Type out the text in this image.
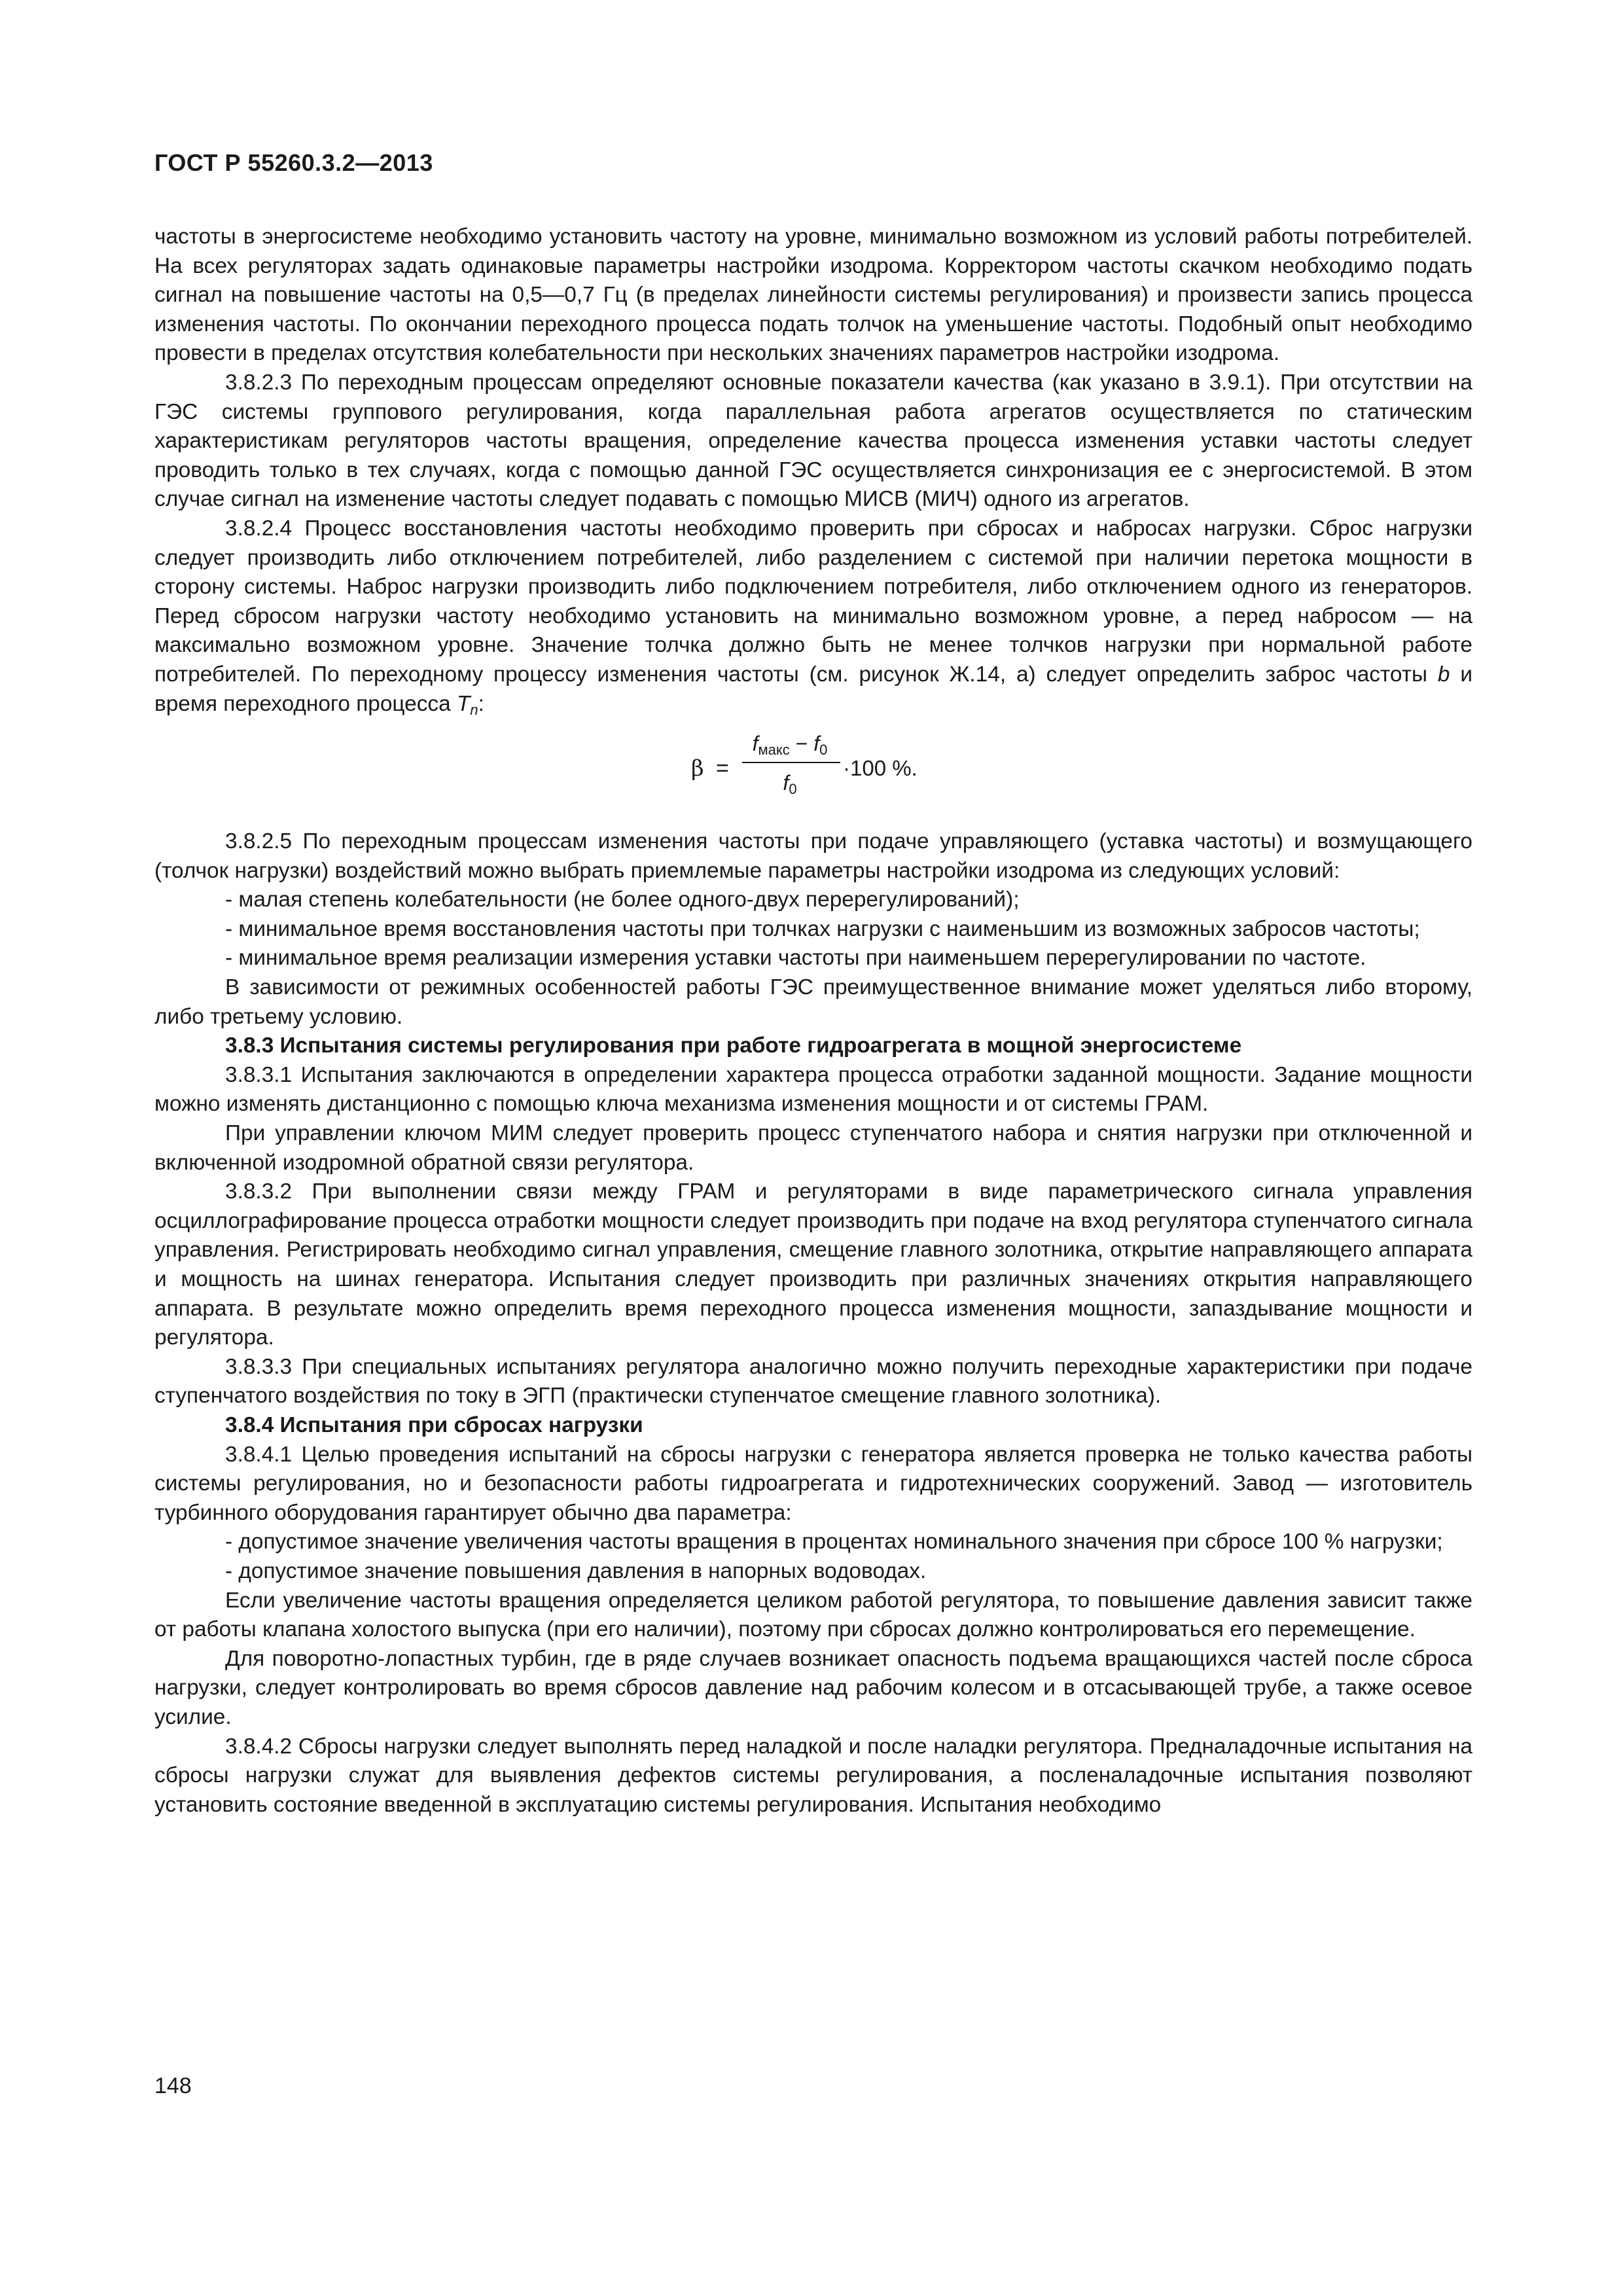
ГОСТ Р 55260.3.2—2013

частоты в энергосистеме необходимо установить частоту на уровне, минимально возможном из условий работы потребителей. На всех регуляторах задать одинаковые параметры настройки изодрома. Корректором частоты скачком необходимо подать сигнал на повышение частоты на 0,5—0,7 Гц (в пределах линейности системы регулирования) и произвести запись процесса изменения частоты. По окончании переходного процесса подать толчок на уменьшение частоты. Подобный опыт необходимо провести в пределах отсутствия колебательности при нескольких значениях параметров настройки изодрома.

3.8.2.3 По переходным процессам определяют основные показатели качества (как указано в 3.9.1). При отсутствии на ГЭС системы группового регулирования, когда параллельная работа агрегатов осуществляется по статическим характеристикам регуляторов частоты вращения, определение качества процесса изменения уставки частоты следует проводить только в тех случаях, когда с помощью данной ГЭС осуществляется синхронизация ее с энергосистемой. В этом случае сигнал на изменение частоты следует подавать с помощью МИСВ (МИЧ) одного из агрегатов.

3.8.2.4 Процесс восстановления частоты необходимо проверить при сбросах и набросах нагрузки. Сброс нагрузки следует производить либо отключением потребителей, либо разделением с системой при наличии перетока мощности в сторону системы. Наброс нагрузки производить либо подключением потребителя, либо отключением одного из генераторов. Перед сбросом нагрузки частоту необходимо установить на минимально возможном уровне, а перед набросом — на максимально возможном уровне. Значение толчка должно быть не менее толчков нагрузки при нормальной работе потребителей. По переходному процессу изменения частоты (см. рисунок Ж.14, а) следует определить заброс частоты b и время переходного процесса $T_n$:

β =
$f_{макс} - f_0$
$f_0$
·100 %.

3.8.2.5 По переходным процессам изменения частоты при подаче управляющего (уставка частоты) и возмущающего (толчок нагрузки) воздействий можно выбрать приемлемые параметры настройки изодрома из следующих условий:

- малая степень колебательности (не более одного-двух перерегулирований);

- минимальное время восстановления частоты при толчках нагрузки с наименьшим из возможных забросов частоты;

- минимальное время реализации измерения уставки частоты при наименьшем перерегулировании по частоте.

В зависимости от режимных особенностей работы ГЭС преимущественное внимание может уделяться либо второму, либо третьему условию.

3.8.3 Испытания системы регулирования при работе гидроагрегата в мощной энергосистеме

3.8.3.1 Испытания заключаются в определении характера процесса отработки заданной мощности. Задание мощности можно изменять дистанционно с помощью ключа механизма изменения мощности и от системы ГРАМ.

При управлении ключом МИМ следует проверить процесс ступенчатого набора и снятия нагрузки при отключенной и включенной изодромной обратной связи регулятора.

3.8.3.2 При выполнении связи между ГРАМ и регуляторами в виде параметрического сигнала управления осциллографирование процесса отработки мощности следует производить при подаче на вход регулятора ступенчатого сигнала управления. Регистрировать необходимо сигнал управления, смещение главного золотника, открытие направляющего аппарата и мощность на шинах генератора. Испытания следует производить при различных значениях открытия направляющего аппарата. В результате можно определить время переходного процесса изменения мощности, запаздывание мощности и регулятора.

3.8.3.3 При специальных испытаниях регулятора аналогично можно получить переходные характеристики при подаче ступенчатого воздействия по току в ЭГП (практически ступенчатое смещение главного золотника).

3.8.4 Испытания при сбросах нагрузки

3.8.4.1 Целью проведения испытаний на сбросы нагрузки с генератора является проверка не только качества работы системы регулирования, но и безопасности работы гидроагрегата и гидротехнических сооружений. Завод — изготовитель турбинного оборудования гарантирует обычно два параметра:

- допустимое значение увеличения частоты вращения в процентах номинального значения при сбросе 100 % нагрузки;

- допустимое значение повышения давления в напорных водоводах.

Если увеличение частоты вращения определяется целиком работой регулятора, то повышение давления зависит также от работы клапана холостого выпуска (при его наличии), поэтому при сбросах должно контролироваться его перемещение.

Для поворотно-лопастных турбин, где в ряде случаев возникает опасность подъема вращающихся частей после сброса нагрузки, следует контролировать во время сбросов давление над рабочим колесом и в отсасывающей трубе, а также осевое усилие.

3.8.4.2 Сбросы нагрузки следует выполнять перед наладкой и после наладки регулятора. Предналадочные испытания на сбросы нагрузки служат для выявления дефектов системы регулирования, а посленаладочные испытания позволяют установить состояние введенной в эксплуатацию системы регулирования. Испытания необходимо

148
